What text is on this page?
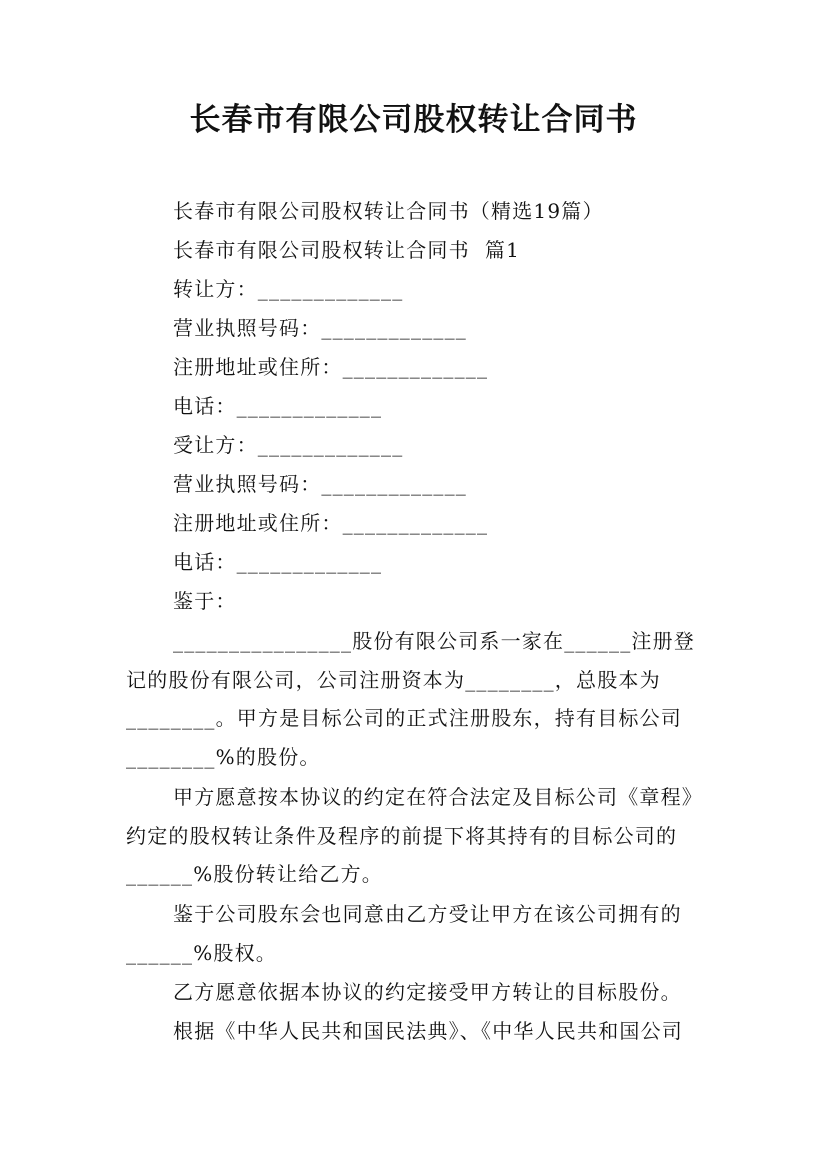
长春市有限公司股权转让合同书
长春市有限公司股权转让合同书（精选19篇）
长春市有限公司股权转让合同书  篇1
转让方：_____________
营业执照号码：_____________
注册地址或住所：_____________
电话：_____________
受让方：_____________
营业执照号码：_____________
注册地址或住所：_____________
电话：_____________
鉴于：

________________股份有限公司系一家在______注册登记的股份有限公司，公司注册资本为________，总股本为________。甲方是目标公司的正式注册股东，持有目标公司________%的股份。

甲方愿意按本协议的约定在符合法定及目标公司《章程》约定的股权转让条件及程序的前提下将其持有的目标公司的______%股份转让给乙方。

鉴于公司股东会也同意由乙方受让甲方在该公司拥有的______%股权。

乙方愿意依据本协议的约定接受甲方转让的目标股份。

根据《中华人民共和国民法典》、《中华人民共和国公司
